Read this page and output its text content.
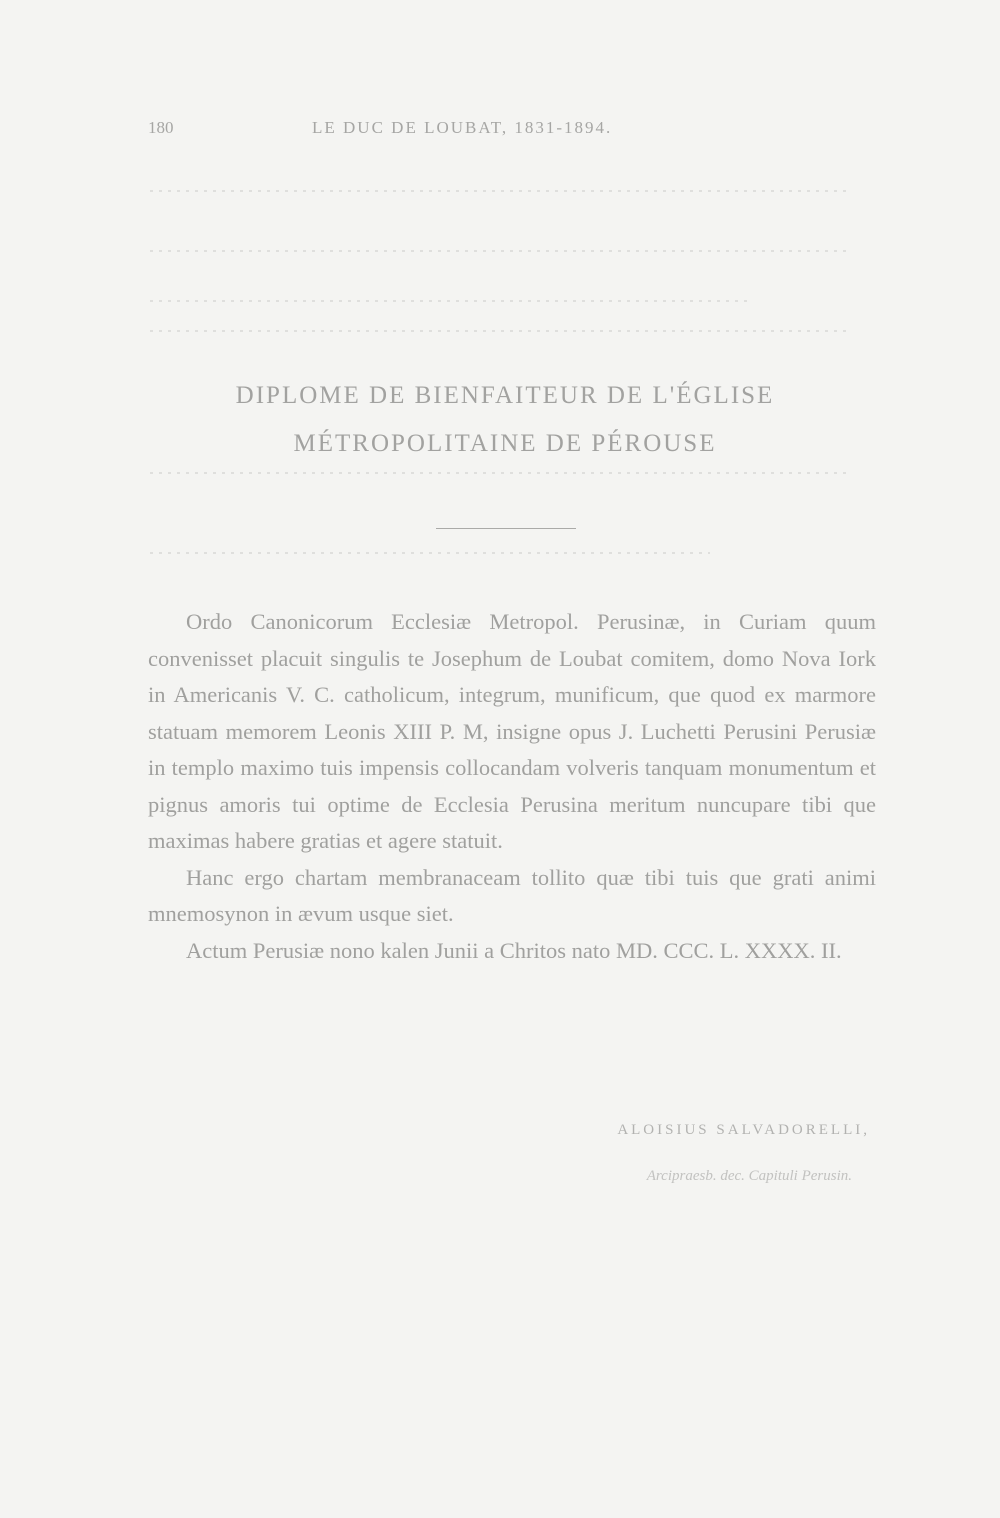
180	LE DUC DE LOUBAT, 1831-1894.
DIPLOME DE BIENFAITEUR DE L'ÉGLISE
MÉTROPOLITAINE DE PÉROUSE

Ordo Canonicorum Ecclesiæ Metropol. Perusinæ, in Curiam quum convenisset placuit singulis te Josephum de Loubat comitem, domo Nova Iork in Americanis V. C. catholicum, integrum, munificum, que quod ex marmore statuam memorem Leonis XIII P. M, insigne opus J. Luchetti Perusini Perusiæ in templo maximo tuis impensis collocandam volveris tanquam monumentum et pignus amoris tui optime de Ecclesia Perusina meritum nuncupare tibi que maximas habere gratias et agere statuit.

Hanc ergo chartam membranaceam tollito quæ tibi tuis que grati animi mnemosynon in ævum usque siet.

Actum Perusiæ nono kalen Junii a Chritos nato MD. CCC. L. XXXX. II.

ALOISIUS SALVADORELLI,
Arcipraesb. dec. Capituli Perusin.
